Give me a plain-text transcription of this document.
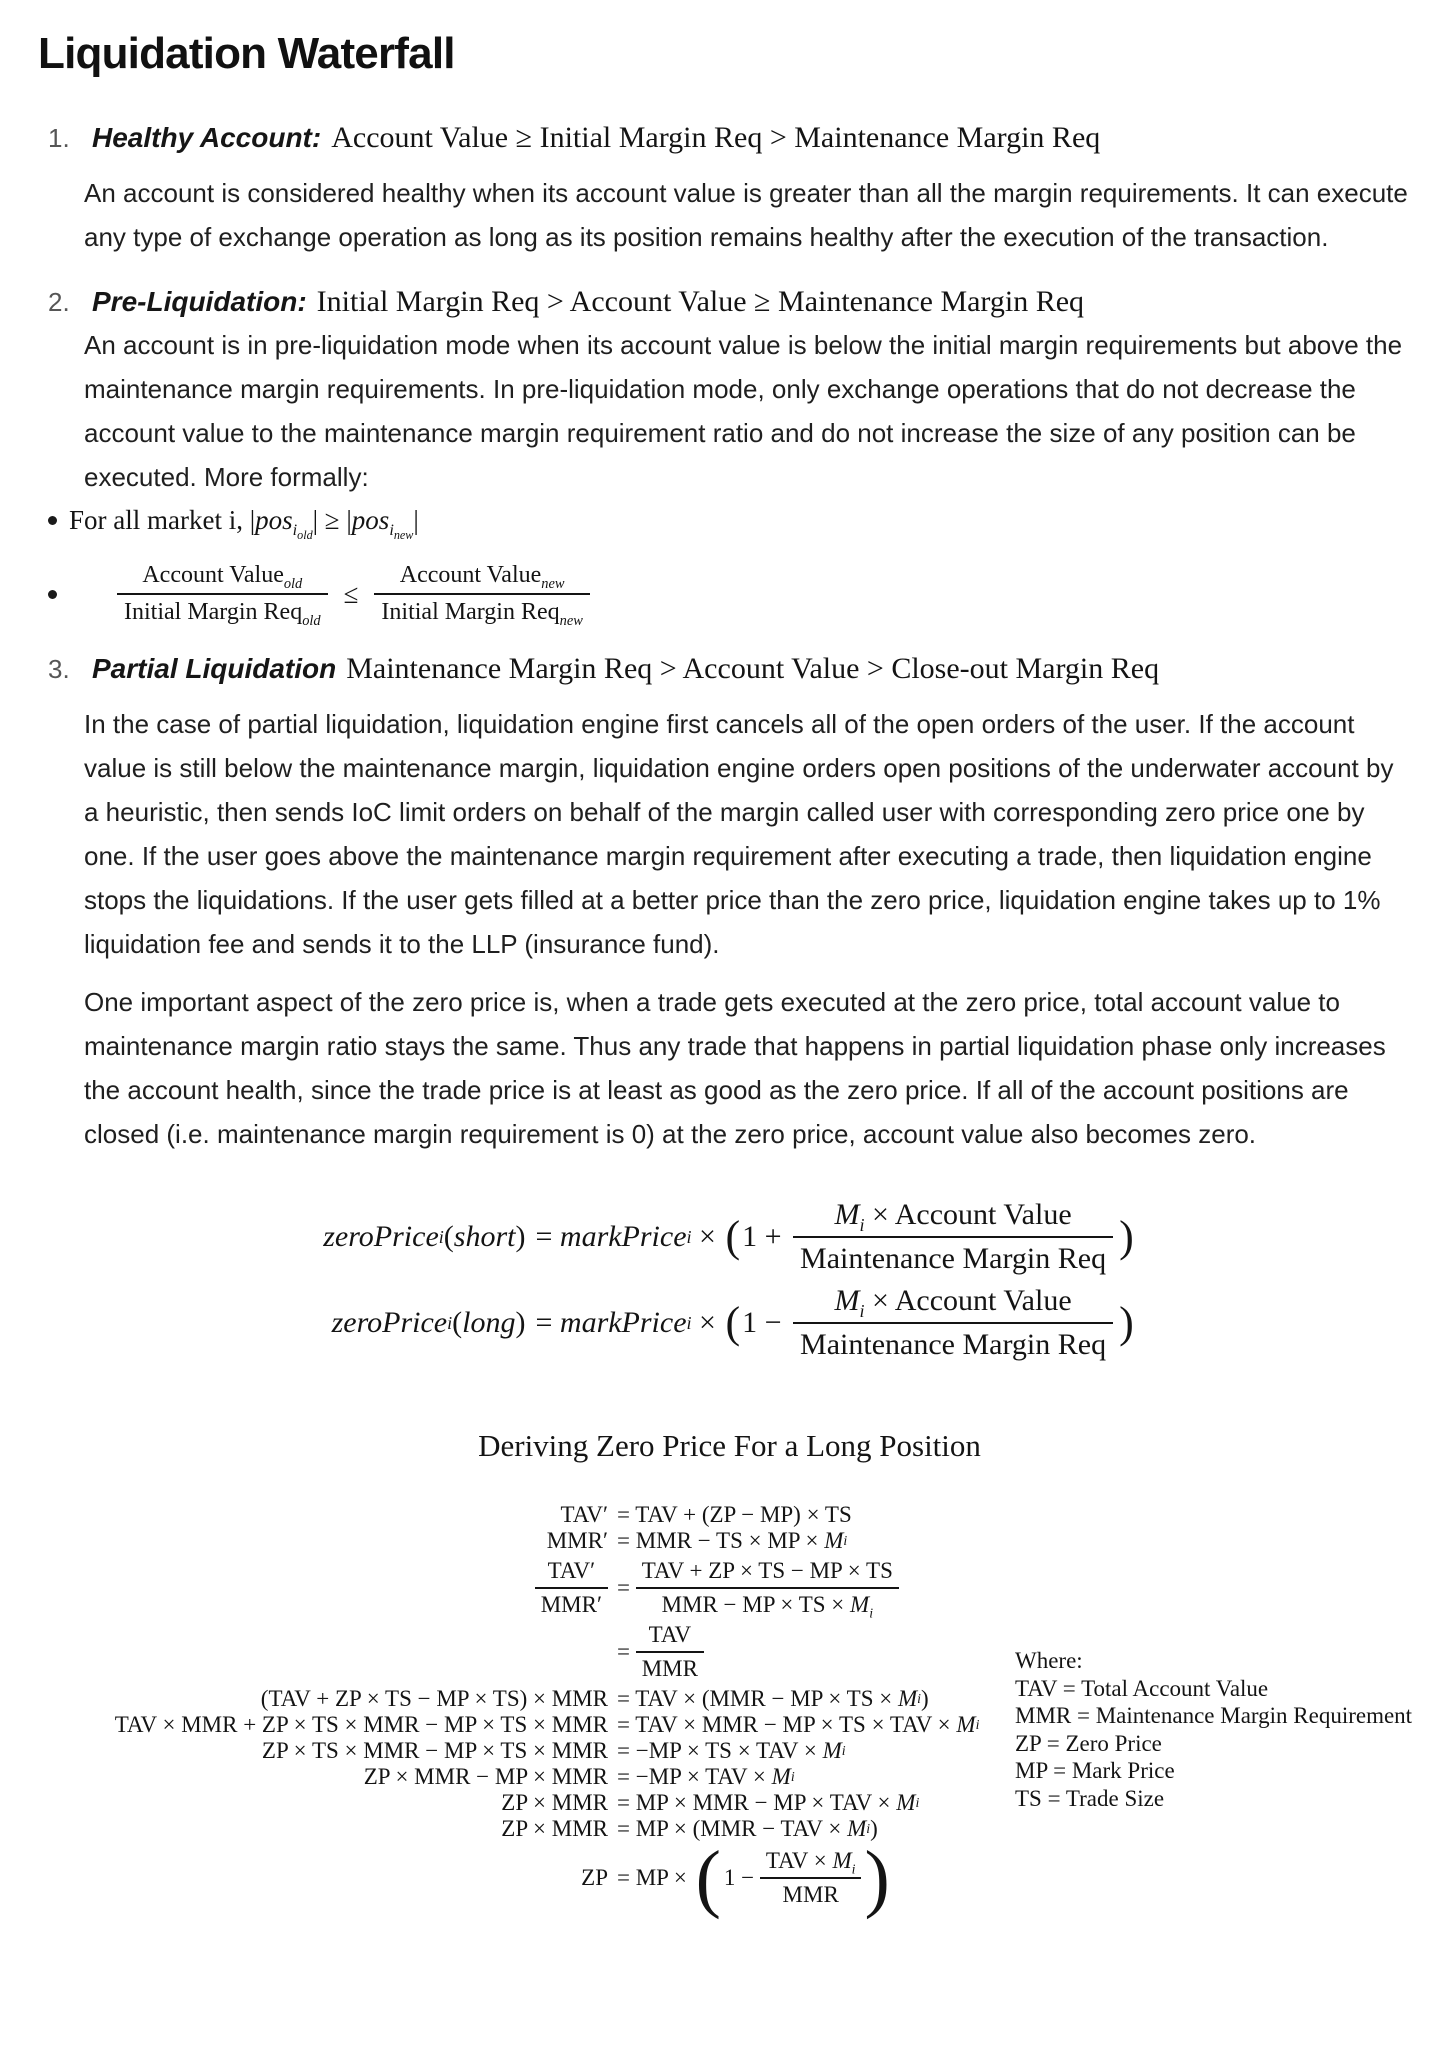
Liquidation Waterfall
1. Healthy Account: Account Value ≥ Initial Margin Req > Maintenance Margin Req

An account is considered healthy when its account value is greater than all the margin requirements. It can execute any type of exchange operation as long as its position remains healthy after the execution of the transaction.

2. Pre-Liquidation: Initial Margin Req > Account Value ≥ Maintenance Margin Req

An account is in pre-liquidation mode when its account value is below the initial margin requirements but above the maintenance margin requirements. In pre-liquidation mode, only exchange operations that do not decrease the account value to the maintenance margin requirement ratio and do not increase the size of any position can be executed. More formally:

For all market i, |pos$_{i_{old}}$| ≥ |pos$_{i_{new}}$|
$\frac{Account Value_{old}}{Initial Margin Req_{old}} \le \frac{Account Value_{new}}{Initial Margin Req_{new}}$
3. Partial Liquidation Maintenance Margin Req > Account Value > Close-out Margin Req

In the case of partial liquidation, liquidation engine first cancels all of the open orders of the user. If the account value is still below the maintenance margin, liquidation engine orders open positions of the underwater account by a heuristic, then sends IoC limit orders on behalf of the margin called user with corresponding zero price one by one. If the user goes above the maintenance margin requirement after executing a trade, then liquidation engine stops the liquidations. If the user gets filled at a better price than the zero price, liquidation engine takes up to 1% liquidation fee and sends it to the LLP (insurance fund).

One important aspect of the zero price is, when a trade gets executed at the zero price, total account value to maintenance margin ratio stays the same. Thus any trade that happens in partial liquidation phase only increases the account health, since the trade price is at least as good as the zero price. If all of the account positions are closed (i.e. maintenance margin requirement is 0) at the zero price, account value also becomes zero.

zeroPrice i ( short ) = markPrice i × ( $1 + \frac{M_i \times Account Value}{\text{Maintenance Margin Req}}$ )
zeroPrice i ( long ) = markPrice i × ( $1 - \frac{M_i \times Account Value}{\text{Maintenance Margin Req}}$ )
Deriving Zero Price For a Long Position
TAV′ = TAV + (ZP − MP) × TS
MMR′ = MMR − TS × MP × M i
$\frac{\text{TAV′}}{\text{MMR′}} = \frac{\text{TAV + ZP × TS − MP × TS}}{MMR - MP \times TS \times M_i}$
= $\frac{\text{TAV}}{\text{MMR}}$
(TAV + ZP × TS − MP × TS) × MMR = TAV × (MMR − MP × TS × M i )
TAV × MMR + ZP × TS × MMR − MP × TS × MMR = TAV × MMR − MP × TS × TAV × M i
ZP × TS × MMR − MP × TS × MMR = −MP × TS × TAV × M i
ZP × MMR − MP × MMR = −MP × TAV × M i
ZP × MMR = MP × MMR − MP × TAV × M i
ZP × MMR = MP × (MMR − TAV × M i )
ZP = MP × ( $1 - \frac{TAV \times M_i}{\text{MMR}}$ )
Where:
TAV = Total Account Value
MMR = Maintenance Margin Requirement
ZP = Zero Price
MP = Mark Price
TS = Trade Size
